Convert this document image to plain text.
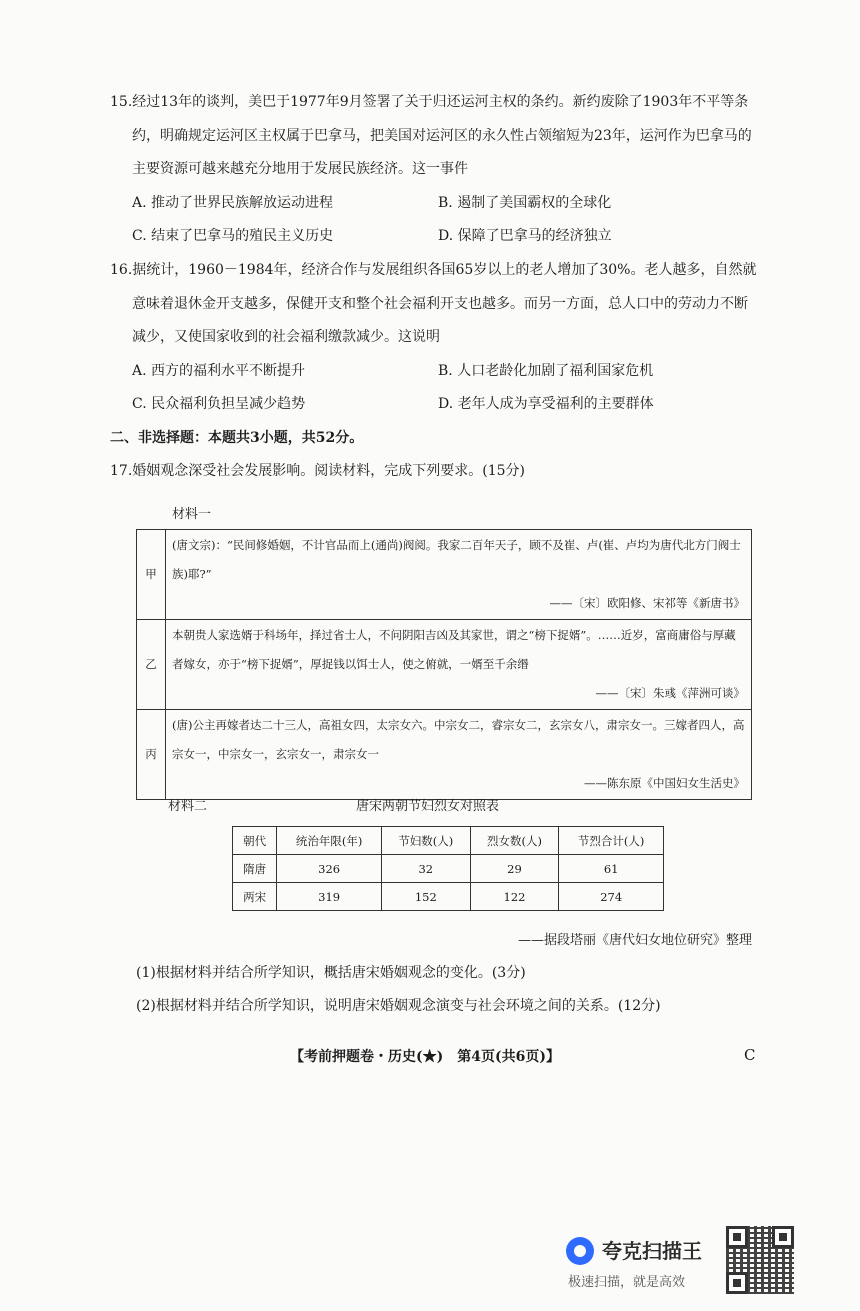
15.经过13年的谈判，美巴于1977年9月签署了关于归还运河主权的条约。新约废除了1903年不平等条约，明确规定运河区主权属于巴拿马，把美国对运河区的永久性占领缩短为23年，运河作为巴拿马的主要资源可越来越充分地用于发展民族经济。这一事件

A. 推动了世界民族解放运动进程	B. 遏制了美国霸权的全球化
C. 结束了巴拿马的殖民主义历史	D. 保障了巴拿马的经济独立

16.据统计，1960－1984年，经济合作与发展组织各国65岁以上的老人增加了30%。老人越多，自然就意味着退休金开支越多，保健开支和整个社会福利开支也越多。而另一方面，总人口中的劳动力不断减少，又使国家收到的社会福利缴款减少。这说明

A. 西方的福利水平不断提升	B. 人口老龄化加剧了福利国家危机
C. 民众福利负担呈减少趋势	D. 老年人成为享受福利的主要群体
二、非选择题：本题共3小题，共52分。
17.婚姻观念深受社会发展影响。阅读材料，完成下列要求。(15分)
材料一
甲	(唐文宗)：“民间修婚姻，不计官品而上(通尚)阀阅。我家二百年天子，顾不及崔、卢(崔、卢均为唐代北方门阀士族)耶?”
——〔宋〕欧阳修、宋祁等《新唐书》

乙	本朝贵人家选婿于科场年，择过省士人，不问阴阳吉凶及其家世，谓之“榜下捉婿”。……近岁，富商庸俗与厚藏者嫁女，亦于“榜下捉婿”，厚捉钱以饵士人，使之俯就，一婿至千余缗
——〔宋〕朱彧《萍洲可谈》

丙	(唐)公主再嫁者达二十三人，高祖女四，太宗女六。中宗女二，睿宗女二，玄宗女八，肃宗女一。三嫁者四人，高宗女一，中宗女一，玄宗女一，肃宗女一
——陈东原《中国妇女生活史》
材料二	唐宋两朝节妇烈女对照表
朝代	统治年限(年)	节妇数(人)	烈女数(人)	节烈合计(人)
隋唐	326	32	29	61
两宋	319	152	122	274
——据段塔丽《唐代妇女地位研究》整理
(1)根据材料并结合所学知识，概括唐宋婚姻观念的变化。(3分)
(2)根据材料并结合所学知识，说明唐宋婚姻观念演变与社会环境之间的关系。(12分)
【考前押题卷・历史(★)　第4页(共6页)】	C
夸克扫描王
极速扫描，就是高效
